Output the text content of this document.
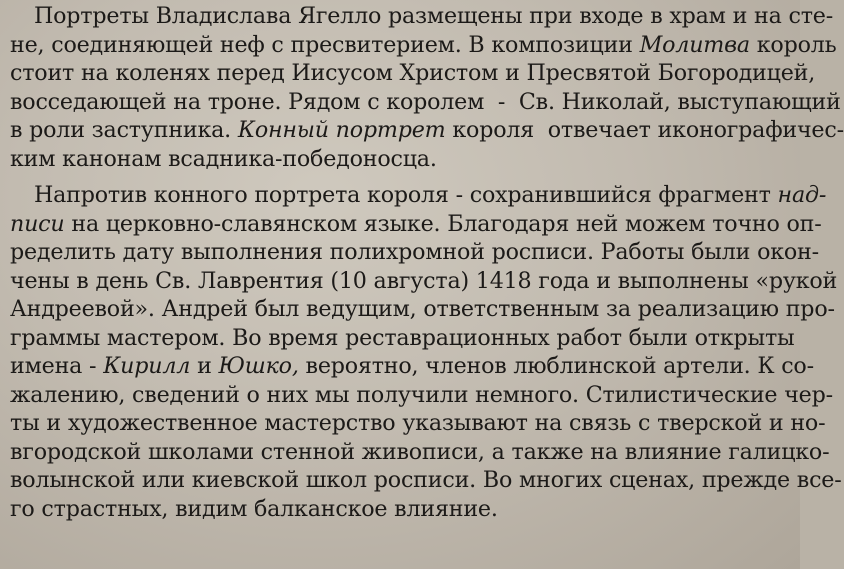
Портреты Владислава Ягелло размещены при входе в храм и на сте-
не, соединяющей неф с пресвитерием. В композиции Молитва король
стоит на коленях перед Иисусом Христом и Пресвятой Богородицей,
восседающей на троне. Рядом с королем  -  Св. Николай, выступающий
в роли заступника. Конный портрет короля  отвечает иконографичес-
ким канонам всадника-победоносца.
Напротив конного портрета короля - сохранившийся фрагмент над-
писи на церковно-славянском языке. Благодаря ней можем точно оп-
ределить дату выполнения полихромной росписи. Работы были окон-
чены в день Св. Лаврентия (10 августа) 1418 года и выполнены «рукой
Андреевой». Андрей был ведущим, ответственным за реализацию про-
граммы мастером. Во время реставрационных работ были открыты
имена - Кирилл и Юшко, вероятно, членов люблинской артели. К со-
жалению, сведений о них мы получили немного. Стилистические чер-
ты и художественное мастерство указывают на связь с тверской и но-
вгородской школами стенной живописи, а также на влияние галицко-
волынской или киевской школ росписи. Во многих сценах, прежде все-
го страстных, видим балканское влияние.
